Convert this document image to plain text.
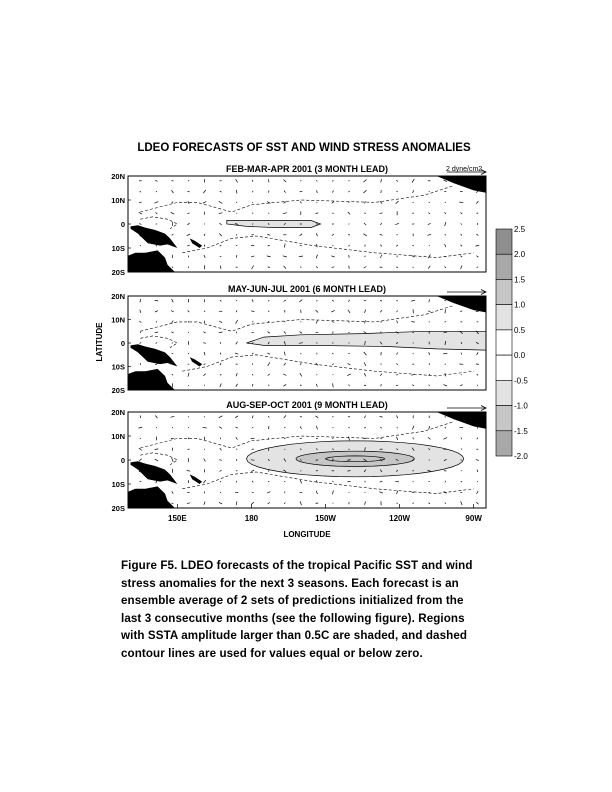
LDEO FORECASTS OF SST AND WIND STRESS ANOMALIES
FEB-MAR-APR 2001 (3 MONTH LEAD)
20N
10N
0
10S
20S
MAY-JUN-JUL 2001 (6 MONTH LEAD)
20N
10N
0
10S
20S
AUG-SEP-OCT 2001 (9 MONTH LEAD)
20N
10N
0
10S
20S
LATITUDE
LONGITUDE
150E	180	150W	120W	90W
2.5
2.0
1.5
1.0
0.5
0.0
-0.5
-1.0
-1.5
-2.0
2 dyne/cm2
Figure F5. LDEO forecasts of the tropical Pacific SST and wind
stress anomalies for the next 3 seasons. Each forecast is an
ensemble average of 2 sets of predictions initialized from the
last 3 consecutive months (see the following figure). Regions
with SSTA amplitude larger than 0.5C are shaded, and dashed
contour lines are used for values equal or below zero.
